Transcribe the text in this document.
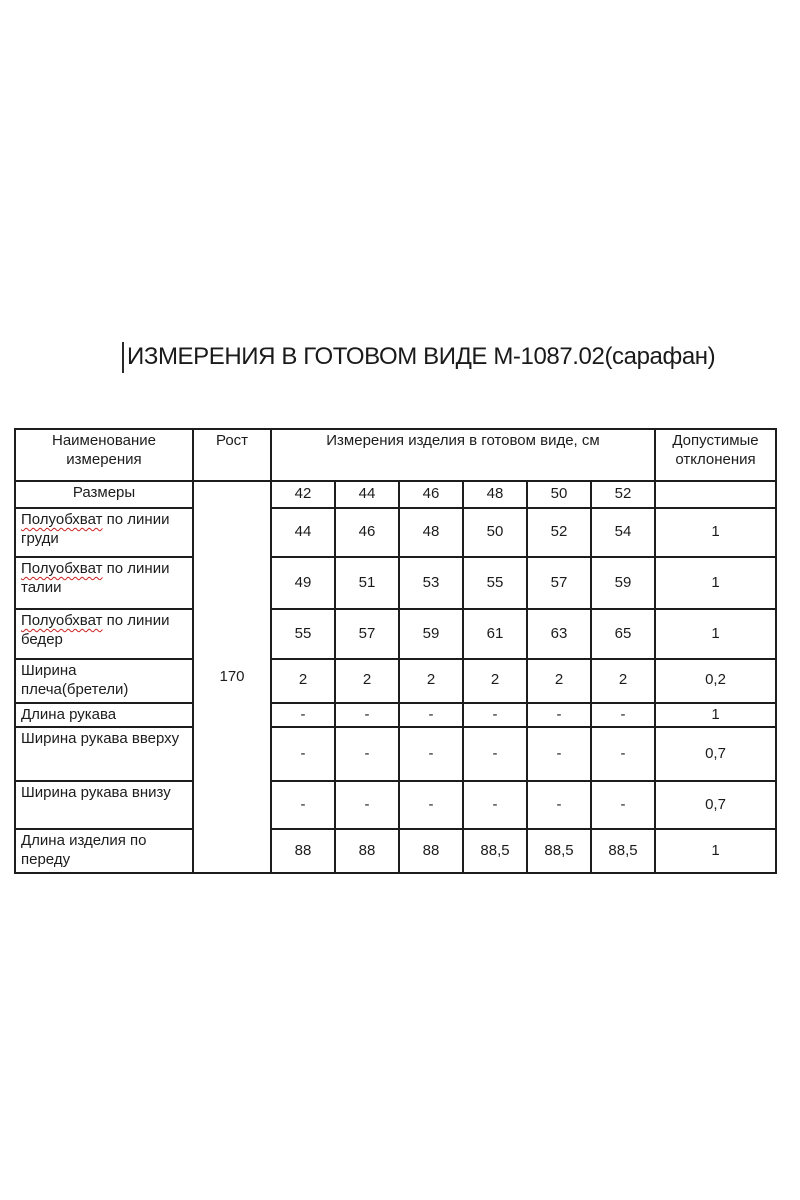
ИЗМЕРЕНИЯ В ГОТОВОМ ВИДЕ М-1087.02(сарафан)
Наименование измерения	Рост	Измерения изделия в готовом виде, см						Допустимые отклонения
Размеры	170	42	44	46	48	50	52	
Полуобхват по линии груди		44	46	48	50	52	54	1
Полуобхват по линии талии		49	51	53	55	57	59	1
Полуобхват по линии бедер		55	57	59	61	63	65	1
Ширина плеча(бретели)		2	2	2	2	2	2	0,2
Длина рукава		-	-	-	-	-	-	1
Ширина рукава вверху		-	-	-	-	-	-	0,7
Ширина рукава внизу		-	-	-	-	-	-	0,7
Длина изделия по переду		88	88	88	88,5	88,5	88,5	1
